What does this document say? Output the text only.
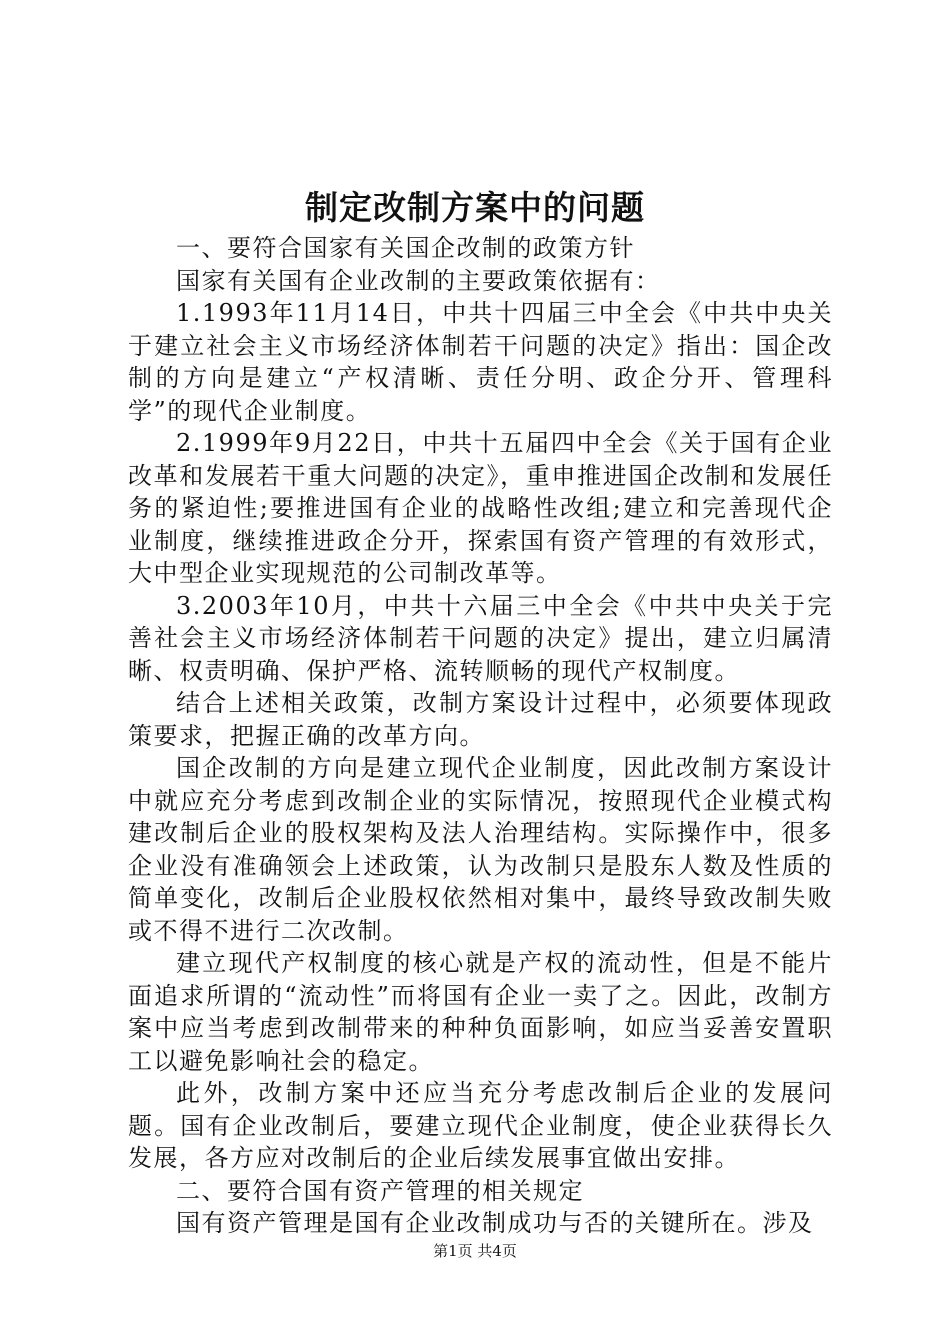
制定改制方案中的问题

一、要符合国家有关国企改制的政策方针

国家有关国有企业改制的主要政策依据有：

1.1993年11月14日，中共十四届三中全会《中共中央关于建立社会主义市场经济体制若干问题的决定》指出：国企改制的方向是建立“产权清晰、责任分明、政企分开、管理科学”的现代企业制度。

2.1999年9月22日，中共十五届四中全会《关于国有企业改革和发展若干重大问题的决定》，重申推进国企改制和发展任务的紧迫性;要推进国有企业的战略性改组;建立和完善现代企业制度，继续推进政企分开，探索国有资产管理的有效形式，大中型企业实现规范的公司制改革等。

3.2003年10月，中共十六届三中全会《中共中央关于完善社会主义市场经济体制若干问题的决定》提出，建立归属清晰、权责明确、保护严格、流转顺畅的现代产权制度。

结合上述相关政策，改制方案设计过程中，必须要体现政策要求，把握正确的改革方向。

国企改制的方向是建立现代企业制度，因此改制方案设计中就应充分考虑到改制企业的实际情况，按照现代企业模式构建改制后企业的股权架构及法人治理结构。实际操作中，很多企业没有准确领会上述政策，认为改制只是股东人数及性质的简单变化，改制后企业股权依然相对集中，最终导致改制失败或不得不进行二次改制。

建立现代产权制度的核心就是产权的流动性，但是不能片面追求所谓的“流动性”而将国有企业一卖了之。因此，改制方案中应当考虑到改制带来的种种负面影响，如应当妥善安置职工以避免影响社会的稳定。

此外，改制方案中还应当充分考虑改制后企业的发展问题。国有企业改制后，要建立现代企业制度，使企业获得长久发展，各方应对改制后的企业后续发展事宜做出安排。

二、要符合国有资产管理的相关规定

国有资产管理是国有企业改制成功与否的关键所在。涉及

第1页 共4页
